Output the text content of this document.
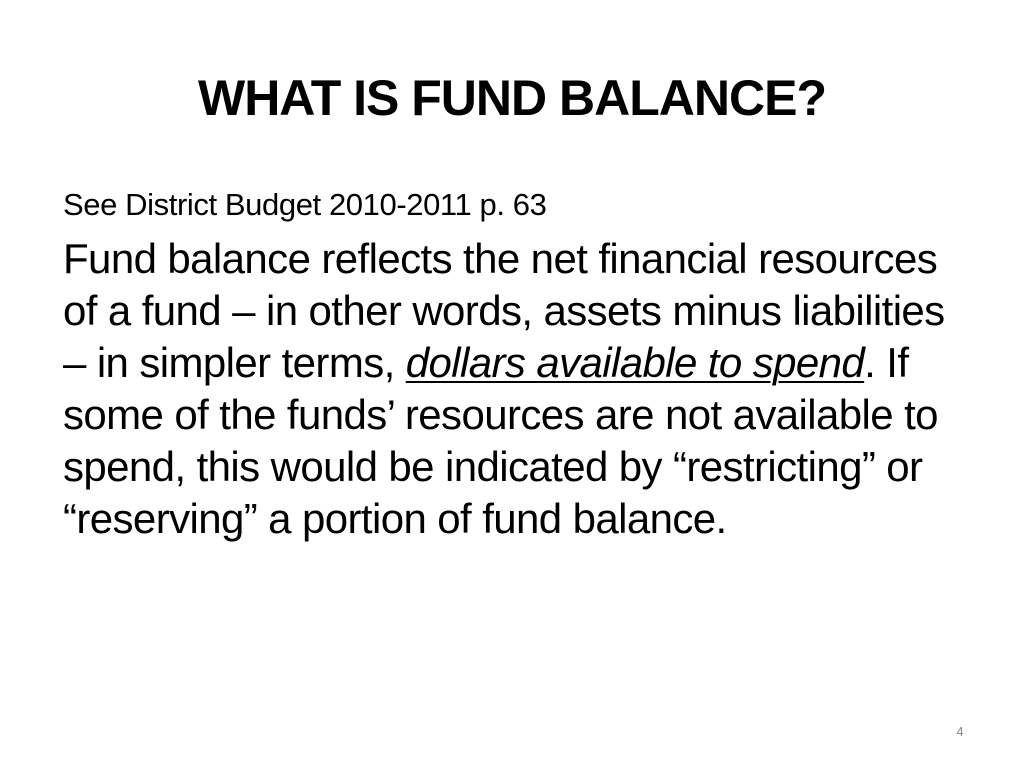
WHAT IS FUND BALANCE?

See District Budget 2010-2011 p. 63

Fund balance reflects the net financial resources of a fund – in other words, assets minus liabilities – in simpler terms, dollars available to spend. If some of the funds’ resources are not available to spend, this would be indicated by “restricting” or “reserving” a portion of fund balance.

4
